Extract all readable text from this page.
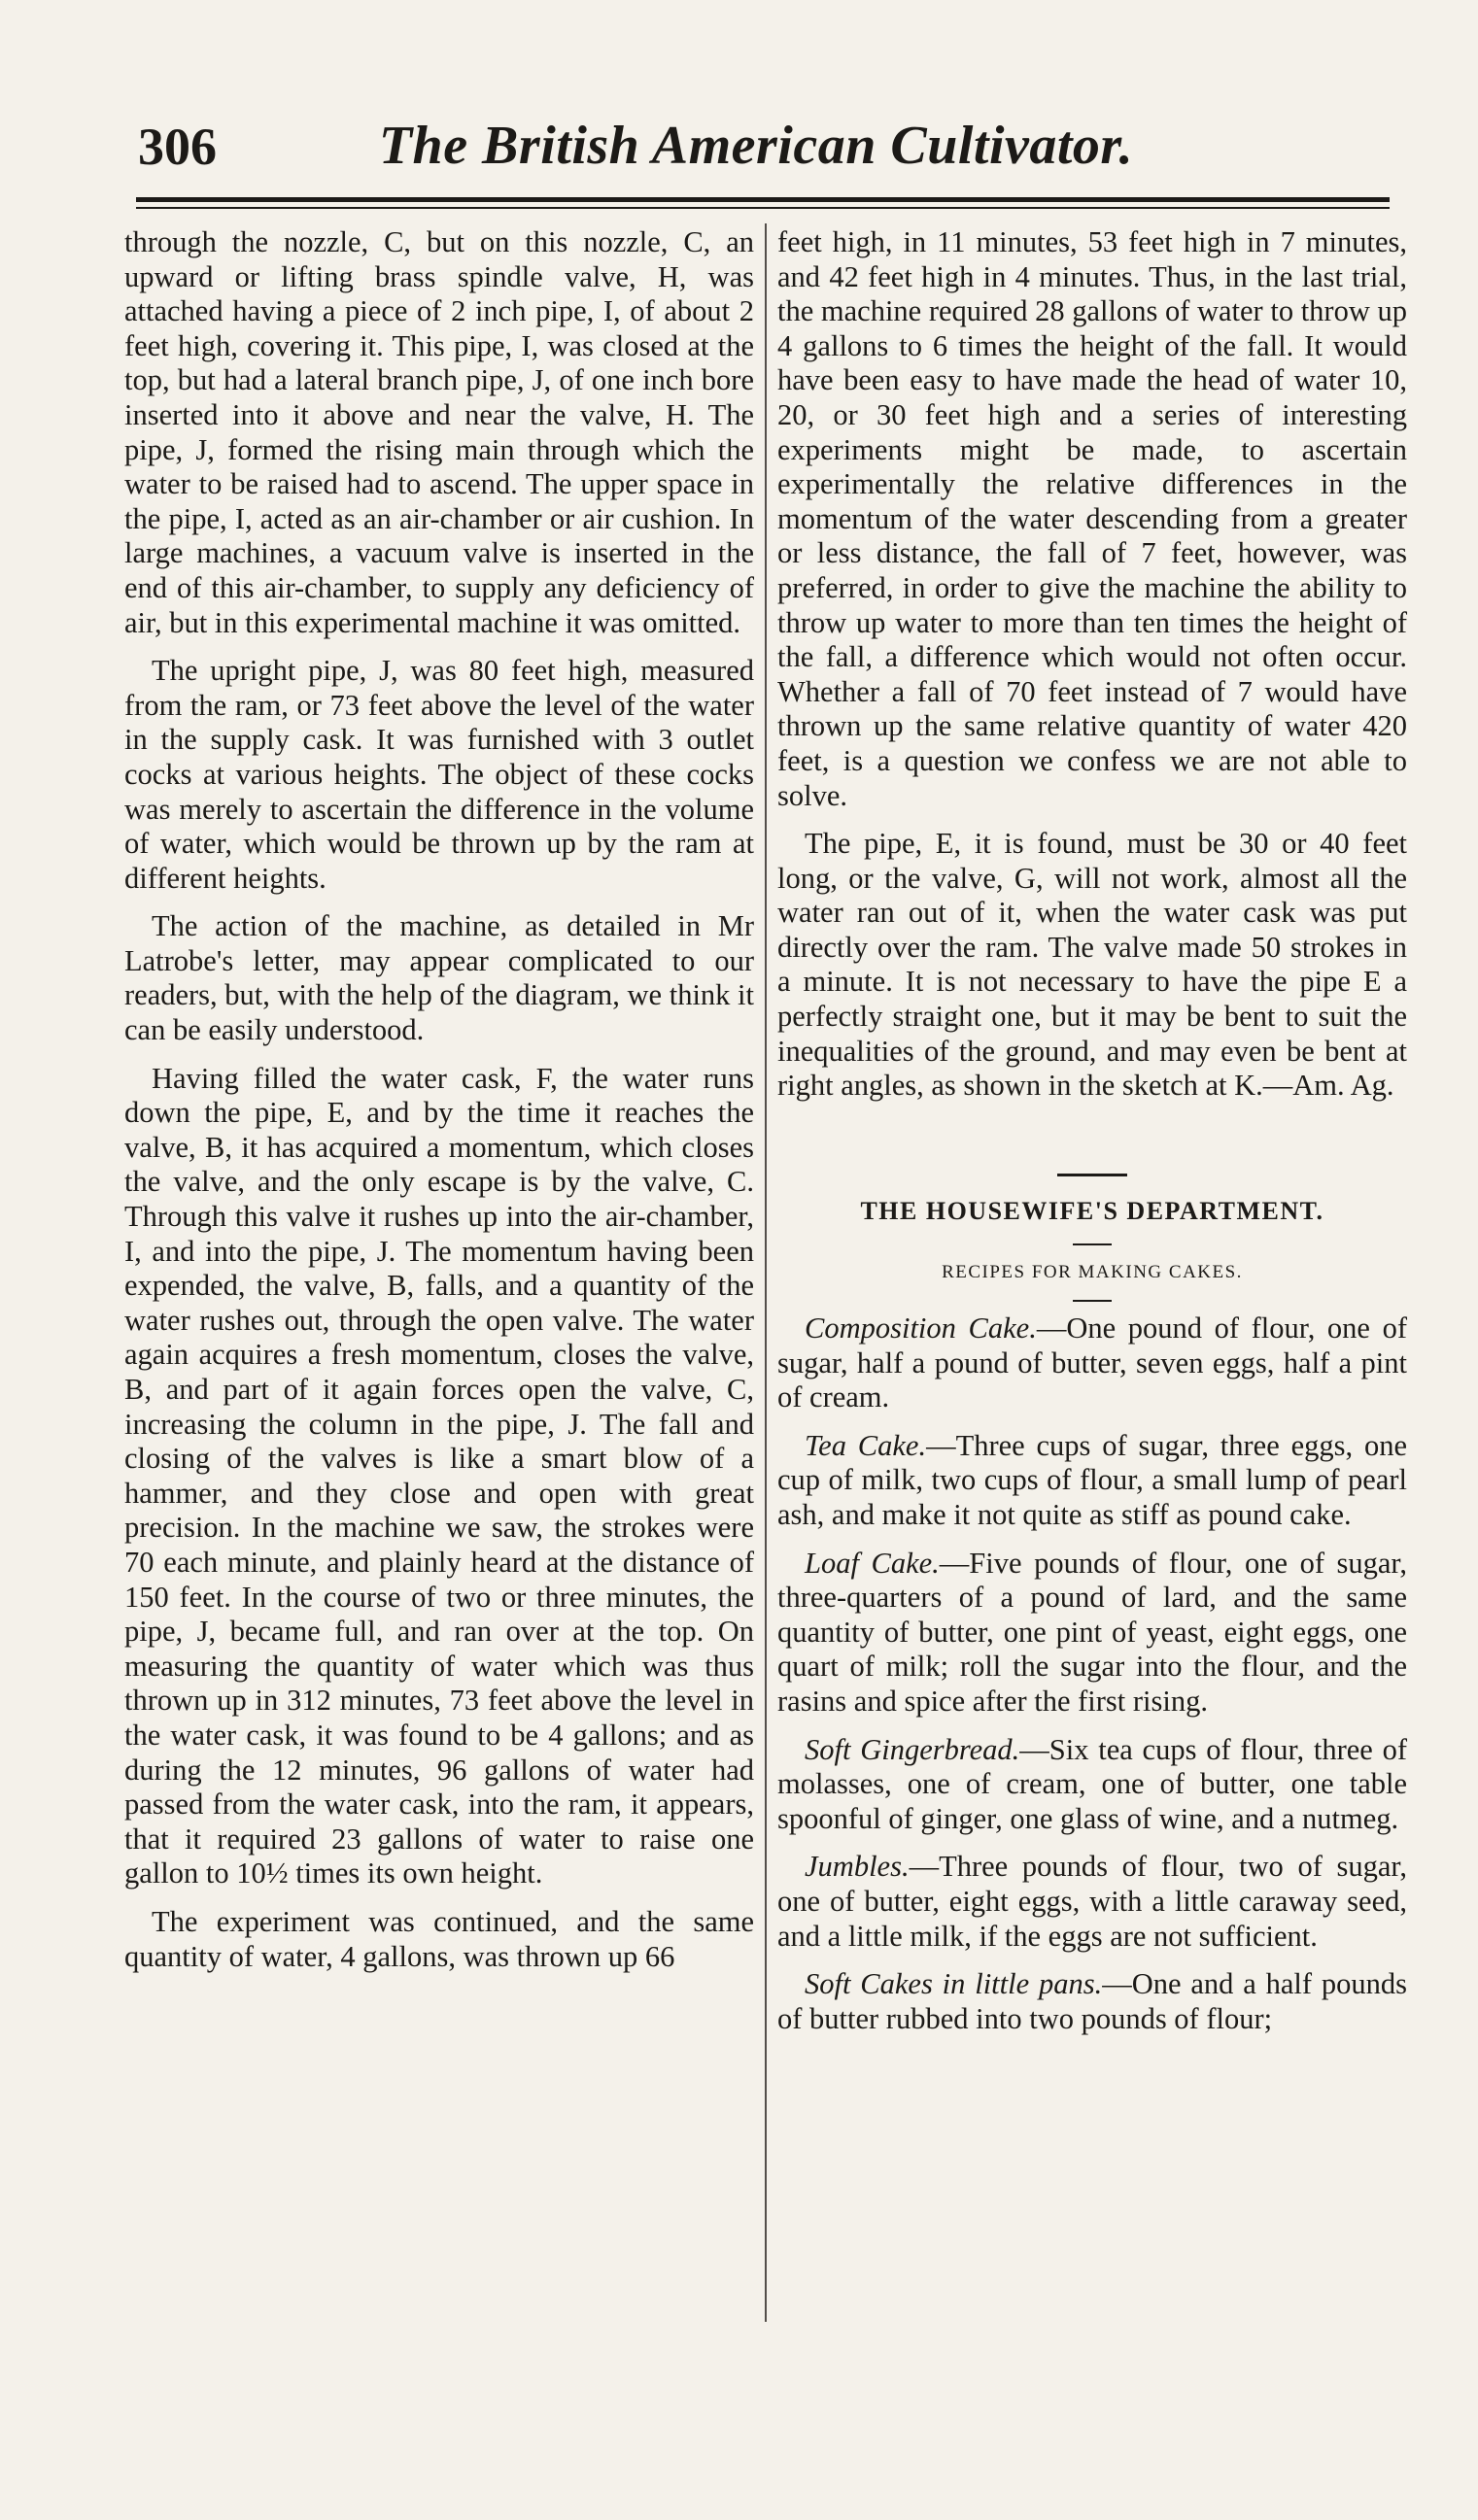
306	The British American Cultivator.

through the nozzle, C, but on this nozzle, C, an upward or lifting brass spindle valve, H, was attached having a piece of 2 inch pipe, I, of about 2 feet high, covering it. This pipe, I, was closed at the top, but had a lateral branch pipe, J, of one inch bore inserted into it above and near the valve, H. The pipe, J, formed the rising main through which the water to be raised had to ascend. The upper space in the pipe, I, acted as an air-chamber or air cushion. In large machines, a vacuum valve is inserted in the end of this air-chamber, to supply any deficiency of air, but in this experimental machine it was omitted.

The upright pipe, J, was 80 feet high, measured from the ram, or 73 feet above the level of the water in the supply cask. It was furnished with 3 outlet cocks at various heights. The object of these cocks was merely to ascertain the difference in the volume of water, which would be thrown up by the ram at different heights.

The action of the machine, as detailed in Mr Latrobe's letter, may appear complicated to our readers, but, with the help of the diagram, we think it can be easily understood.

Having filled the water cask, F, the water runs down the pipe, E, and by the time it reaches the valve, B, it has acquired a momentum, which closes the valve, and the only escape is by the valve, C. Through this valve it rushes up into the air-chamber, I, and into the pipe, J. The momentum having been expended, the valve, B, falls, and a quantity of the water rushes out, through the open valve. The water again acquires a fresh momentum, closes the valve, B, and part of it again forces open the valve, C, increasing the column in the pipe, J. The fall and closing of the valves is like a smart blow of a hammer, and they close and open with great precision. In the machine we saw, the strokes were 70 each minute, and plainly heard at the distance of 150 feet. In the course of two or three minutes, the pipe, J, became full, and ran over at the top. On measuring the quantity of water which was thus thrown up in 312 minutes, 73 feet above the level in the water cask, it was found to be 4 gallons; and as during the 12 minutes, 96 gallons of water had passed from the water cask, into the ram, it appears, that it required 23 gallons of water to raise one gallon to 10½ times its own height.

The experiment was continued, and the same quantity of water, 4 gallons, was thrown up 66

feet high, in 11 minutes, 53 feet high in 7 minutes, and 42 feet high in 4 minutes. Thus, in the last trial, the machine required 28 gallons of water to throw up 4 gallons to 6 times the height of the fall. It would have been easy to have made the head of water 10, 20, or 30 feet high and a series of interesting experiments might be made, to ascertain experimentally the relative differences in the momentum of the water descending from a greater or less distance, the fall of 7 feet, however, was preferred, in order to give the machine the ability to throw up water to more than ten times the height of the fall, a difference which would not often occur. Whether a fall of 70 feet instead of 7 would have thrown up the same relative quantity of water 420 feet, is a question we confess we are not able to solve.

The pipe, E, it is found, must be 30 or 40 feet long, or the valve, G, will not work, almost all the water ran out of it, when the water cask was put directly over the ram. The valve made 50 strokes in a minute. It is not necessary to have the pipe E a perfectly straight one, but it may be bent to suit the inequalities of the ground, and may even be bent at right angles, as shown in the sketch at K.—Am. Ag.

THE HOUSEWIFE'S DEPARTMENT.
RECIPES FOR MAKING CAKES.

Composition Cake.—One pound of flour, one of sugar, half a pound of butter, seven eggs, half a pint of cream.

Tea Cake.—Three cups of sugar, three eggs, one cup of milk, two cups of flour, a small lump of pearl ash, and make it not quite as stiff as pound cake.

Loaf Cake.—Five pounds of flour, one of sugar, three-quarters of a pound of lard, and the same quantity of butter, one pint of yeast, eight eggs, one quart of milk; roll the sugar into the flour, and the rasins and spice after the first rising.

Soft Gingerbread.—Six tea cups of flour, three of molasses, one of cream, one of butter, one table spoonful of ginger, one glass of wine, and a nutmeg.

Jumbles.—Three pounds of flour, two of sugar, one of butter, eight eggs, with a little caraway seed, and a little milk, if the eggs are not sufficient.

Soft Cakes in little pans.—One and a half pounds of butter rubbed into two pounds of flour;
